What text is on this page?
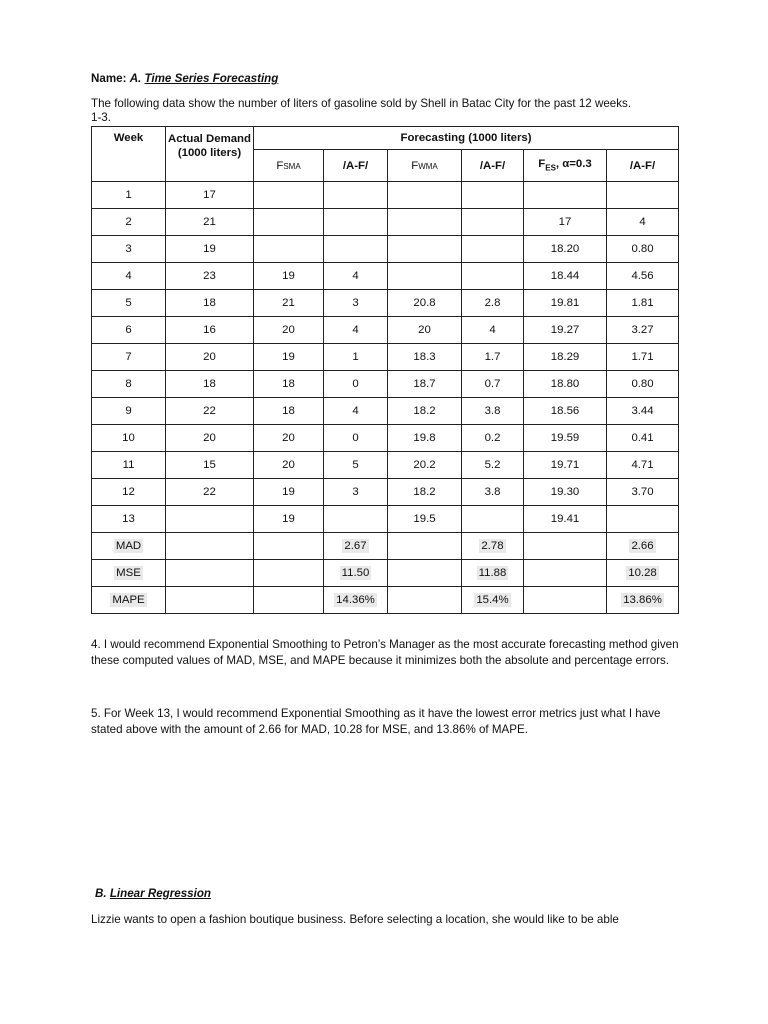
Name: A. Time Series Forecasting
The following data show the number of liters of gasoline sold by Shell in Batac City for the past 12 weeks.
1-3.
Week	Actual Demand (1000 liters)	Forecasting (1000 liters)					
		FSMA	/A-F/	FWMA	/A-F/	$F_{ES}$, α=0.3	/A-F/
1	17						
2	21					17	4
3	19					18.20	0.80
4	23	19	4			18.44	4.56
5	18	21	3	20.8	2.8	19.81	1.81
6	16	20	4	20	4	19.27	3.27
7	20	19	1	18.3	1.7	18.29	1.71
8	18	18	0	18.7	0.7	18.80	0.80
9	22	18	4	18.2	3.8	18.56	3.44
10	20	20	0	19.8	0.2	19.59	0.41
11	15	20	5	20.2	5.2	19.71	4.71
12	22	19	3	18.2	3.8	19.30	3.70
13		19		19.5		19.41	
MAD			2.67		2.78		2.66
MSE			11.50		11.88		10.28
MAPE			14.36%		15.4%		13.86%
4. I would recommend Exponential Smoothing to Petron’s Manager as the most accurate forecasting method given these computed values of MAD, MSE, and MAPE because it minimizes both the absolute and percentage errors.
5. For Week 13, I would recommend Exponential Smoothing as it have the lowest error metrics just what I have stated above with the amount of 2.66 for MAD, 10.28 for MSE, and 13.86% of MAPE.
B. Linear Regression
Lizzie wants to open a fashion boutique business. Before selecting a location, she would like to be able
